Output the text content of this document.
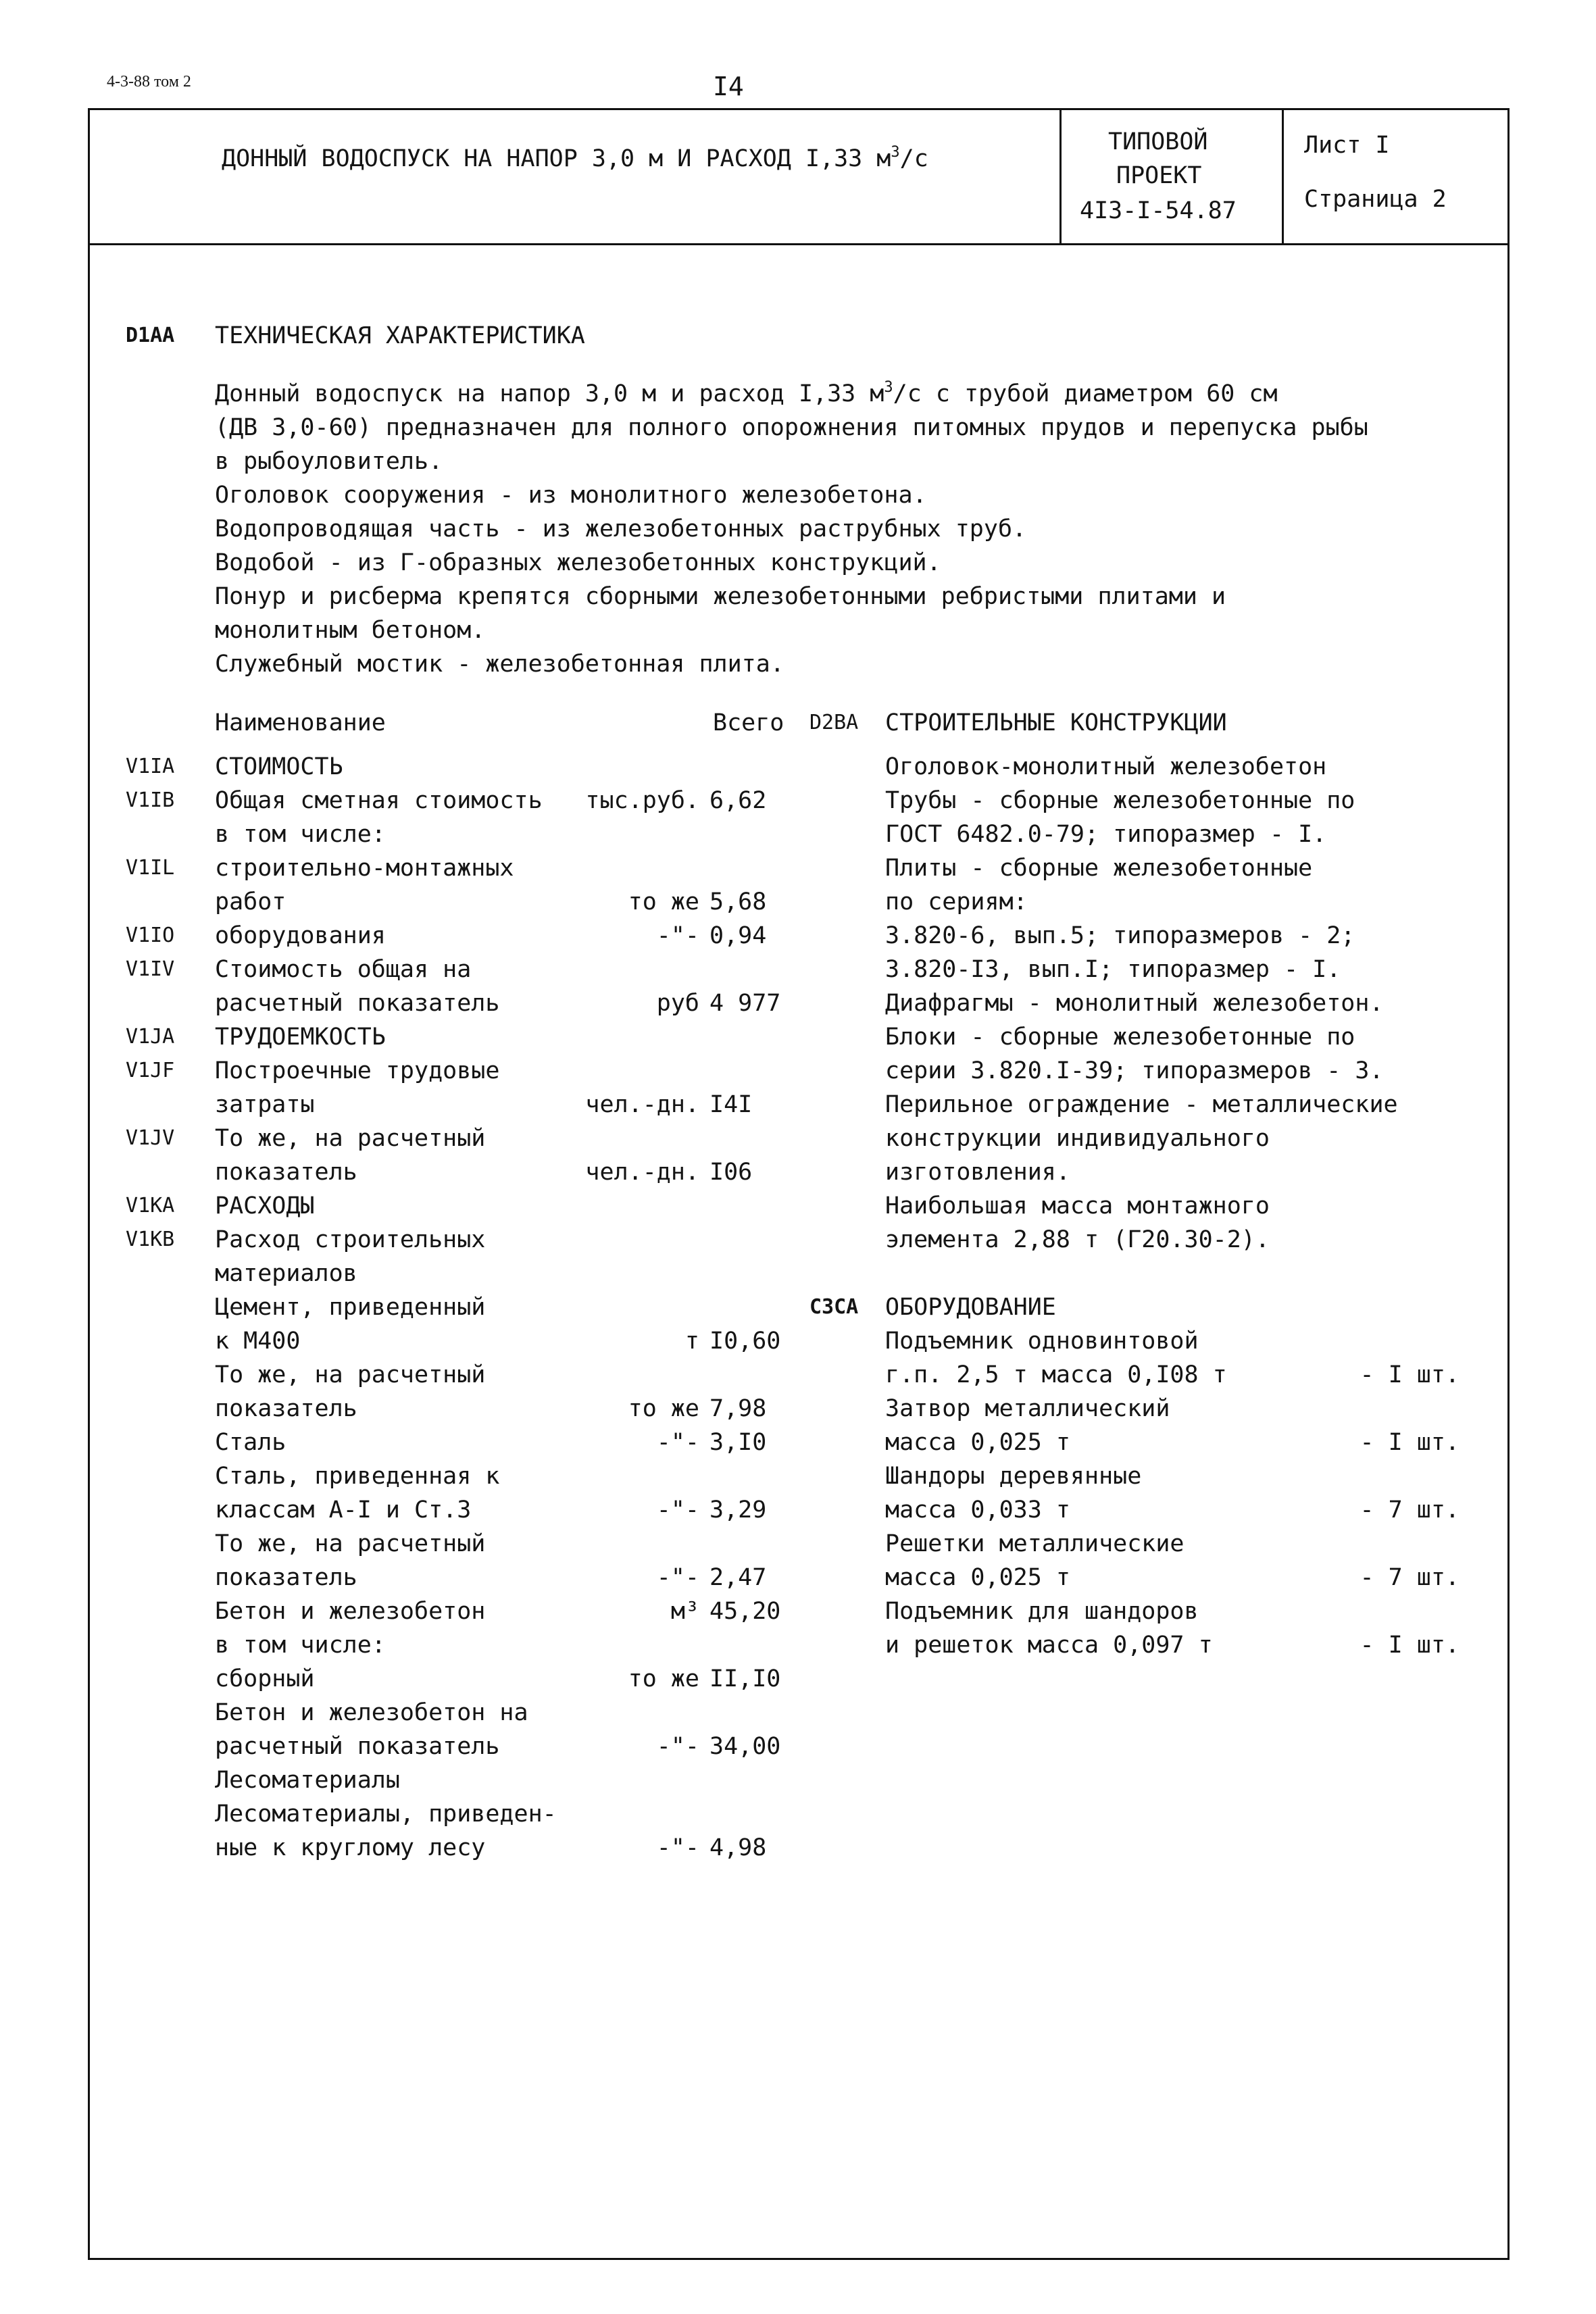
4-3-88 том 2	I4
ДОННЫЙ ВОДОСПУСК НА НАПОР 3,0 м И РАСХОД I,33 $м^3/с$
ТИПОВОЙ
ПРОЕКТ
4I3-I-54.87
Лист I
Страница 2
D1AA ТЕХНИЧЕСКАЯ ХАРАКТЕРИСТИКА
Донный водоспуск на напор 3,0 м и расход I,33 $м^3/с$ с трубой диаметром 60 см
(ДВ 3,0-60) предназначен для полного опорожнения питомных прудов и перепуска рыбы
в рыбоуловитель.
Оголовок сооружения - из монолитного железобетона.
Водопроводящая часть - из железобетонных раструбных труб.
Водобой - из Г-образных железобетонных конструкций.
Понур и рисберма крепятся сборными железобетонными ребристыми плитами и
монолитным бетоном.
Служебный мостик - железобетонная плита.
Наименование	Всего
V1IA СТОИМОСТЬ
V1IB Общая сметная стоимость	тыс.руб. 6,62
в том числе:
V1IL строительно-монтажных
работ	то же 5,68
V1IO оборудования	-"- 0,94
V1IV Стоимость общая на
расчетный показатель	руб 4 977
V1JA ТРУДОЕМКОСТЬ
V1JF Построечные трудовые
затраты	чел.-дн. I4I
V1JV То же, на расчетный
показатель	чел.-дн. I06
V1KA РАСХОДЫ
V1KB Расход строительных
материалов
Цемент, приведенный
к М400	т I0,60
То же, на расчетный
показатель	то же 7,98
Сталь	-"- 3,I0
Сталь, приведенная к
классам А-I и Ст.3	-"- 3,29
То же, на расчетный
показатель	-"- 2,47
Бетон и железобетон	м³ 45,20
в том числе:
сборный	то же II,I0
Бетон и железобетон на
расчетный показатель	-"- 34,00
Лесоматериалы
Лесоматериалы, приведен-
ные к круглому лесу	-"- 4,98
D2BA СТРОИТЕЛЬНЫЕ КОНСТРУКЦИИ
Оголовок-монолитный железобетон
Трубы - сборные железобетонные по
ГОСТ 6482.0-79; типоразмер - I.
Плиты - сборные железобетонные
по сериям:
3.820-6, вып.5; типоразмеров - 2;
3.820-I3, вып.I; типоразмер - I.
Диафрагмы - монолитный железобетон.
Блоки - сборные железобетонные по
серии 3.820.I-39; типоразмеров - 3.
Перильное ограждение - металлические
конструкции индивидуального
изготовления.
Наибольшая масса монтажного
элемента 2,88 т (Г20.30-2).
C3CA ОБОРУДОВАНИЕ
Подъемник одновинтовой
г.п. 2,5 т масса 0,I08 т	- I шт.
Затвор металлический
масса 0,025 т	- I шт.
Шандоры деревянные
масса 0,033 т	- 7 шт.
Решетки металлические
масса 0,025 т	- 7 шт.
Подъемник для шандоров
и решеток масса 0,097 т	- I шт.
